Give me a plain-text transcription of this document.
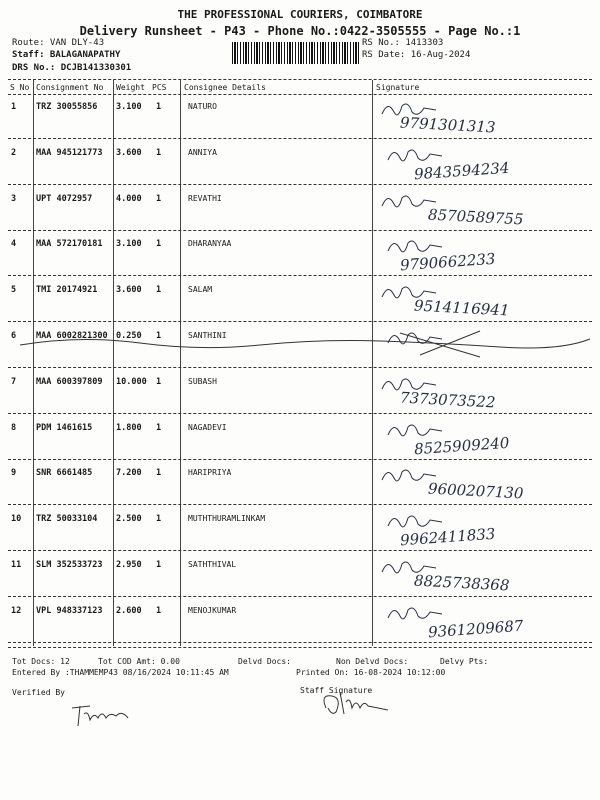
THE PROFESSIONAL COURIERS, COIMBATORE
Delivery Runsheet - P43 - Phone No.:0422-3505555 - Page No.:1
Route: VAN DLY-43
Staff: BALAGANAPATHY
DRS No.: DCJB141330301
RS No.: 1413303
RS Date: 16-Aug-2024
S No Consignment No Weight PCS Consignee Details	Signature
1 TRZ 30055856 3.100 1	NATURO
9791301313
2 MAA 945121773 3.600 1	ANNIYA
9843594234
3 UPT 4072957	4.000 1	REVATHI
8570589755
4 MAA 572170181 3.100 1	DHARANYAA
9790662233
5 TMI 20174921 3.600 1	SALAM
9514116941
6 MAA 6002821300 0.250 1	SANTHINI
7 MAA 600397809 10.000 1	SUBASH
7373073522
8 PDM 1461615	1.800 1	NAGADEVI
8525909240
9 SNR 6661485	7.200 1	HARIPRIYA
9600207130
10 TRZ 50033104 2.500 1	MUTHTHURAMLINKAM
9962411833
11 SLM 352533723 2.950 1	SATHTHIVAL
8825738368
12 VPL 948337123 2.600 1	MENOJKUMAR
9361209687
Tot Docs: 12	Tot COD Amt: 0.00	Delvd Docs:	Non Delvd Docs:	Delvy Pts:
Entered By :THAMMEMP43 08/16/2024 10:11:45 AM	Printed On: 16-08-2024 10:12:00
Verified By	Staff Signature
